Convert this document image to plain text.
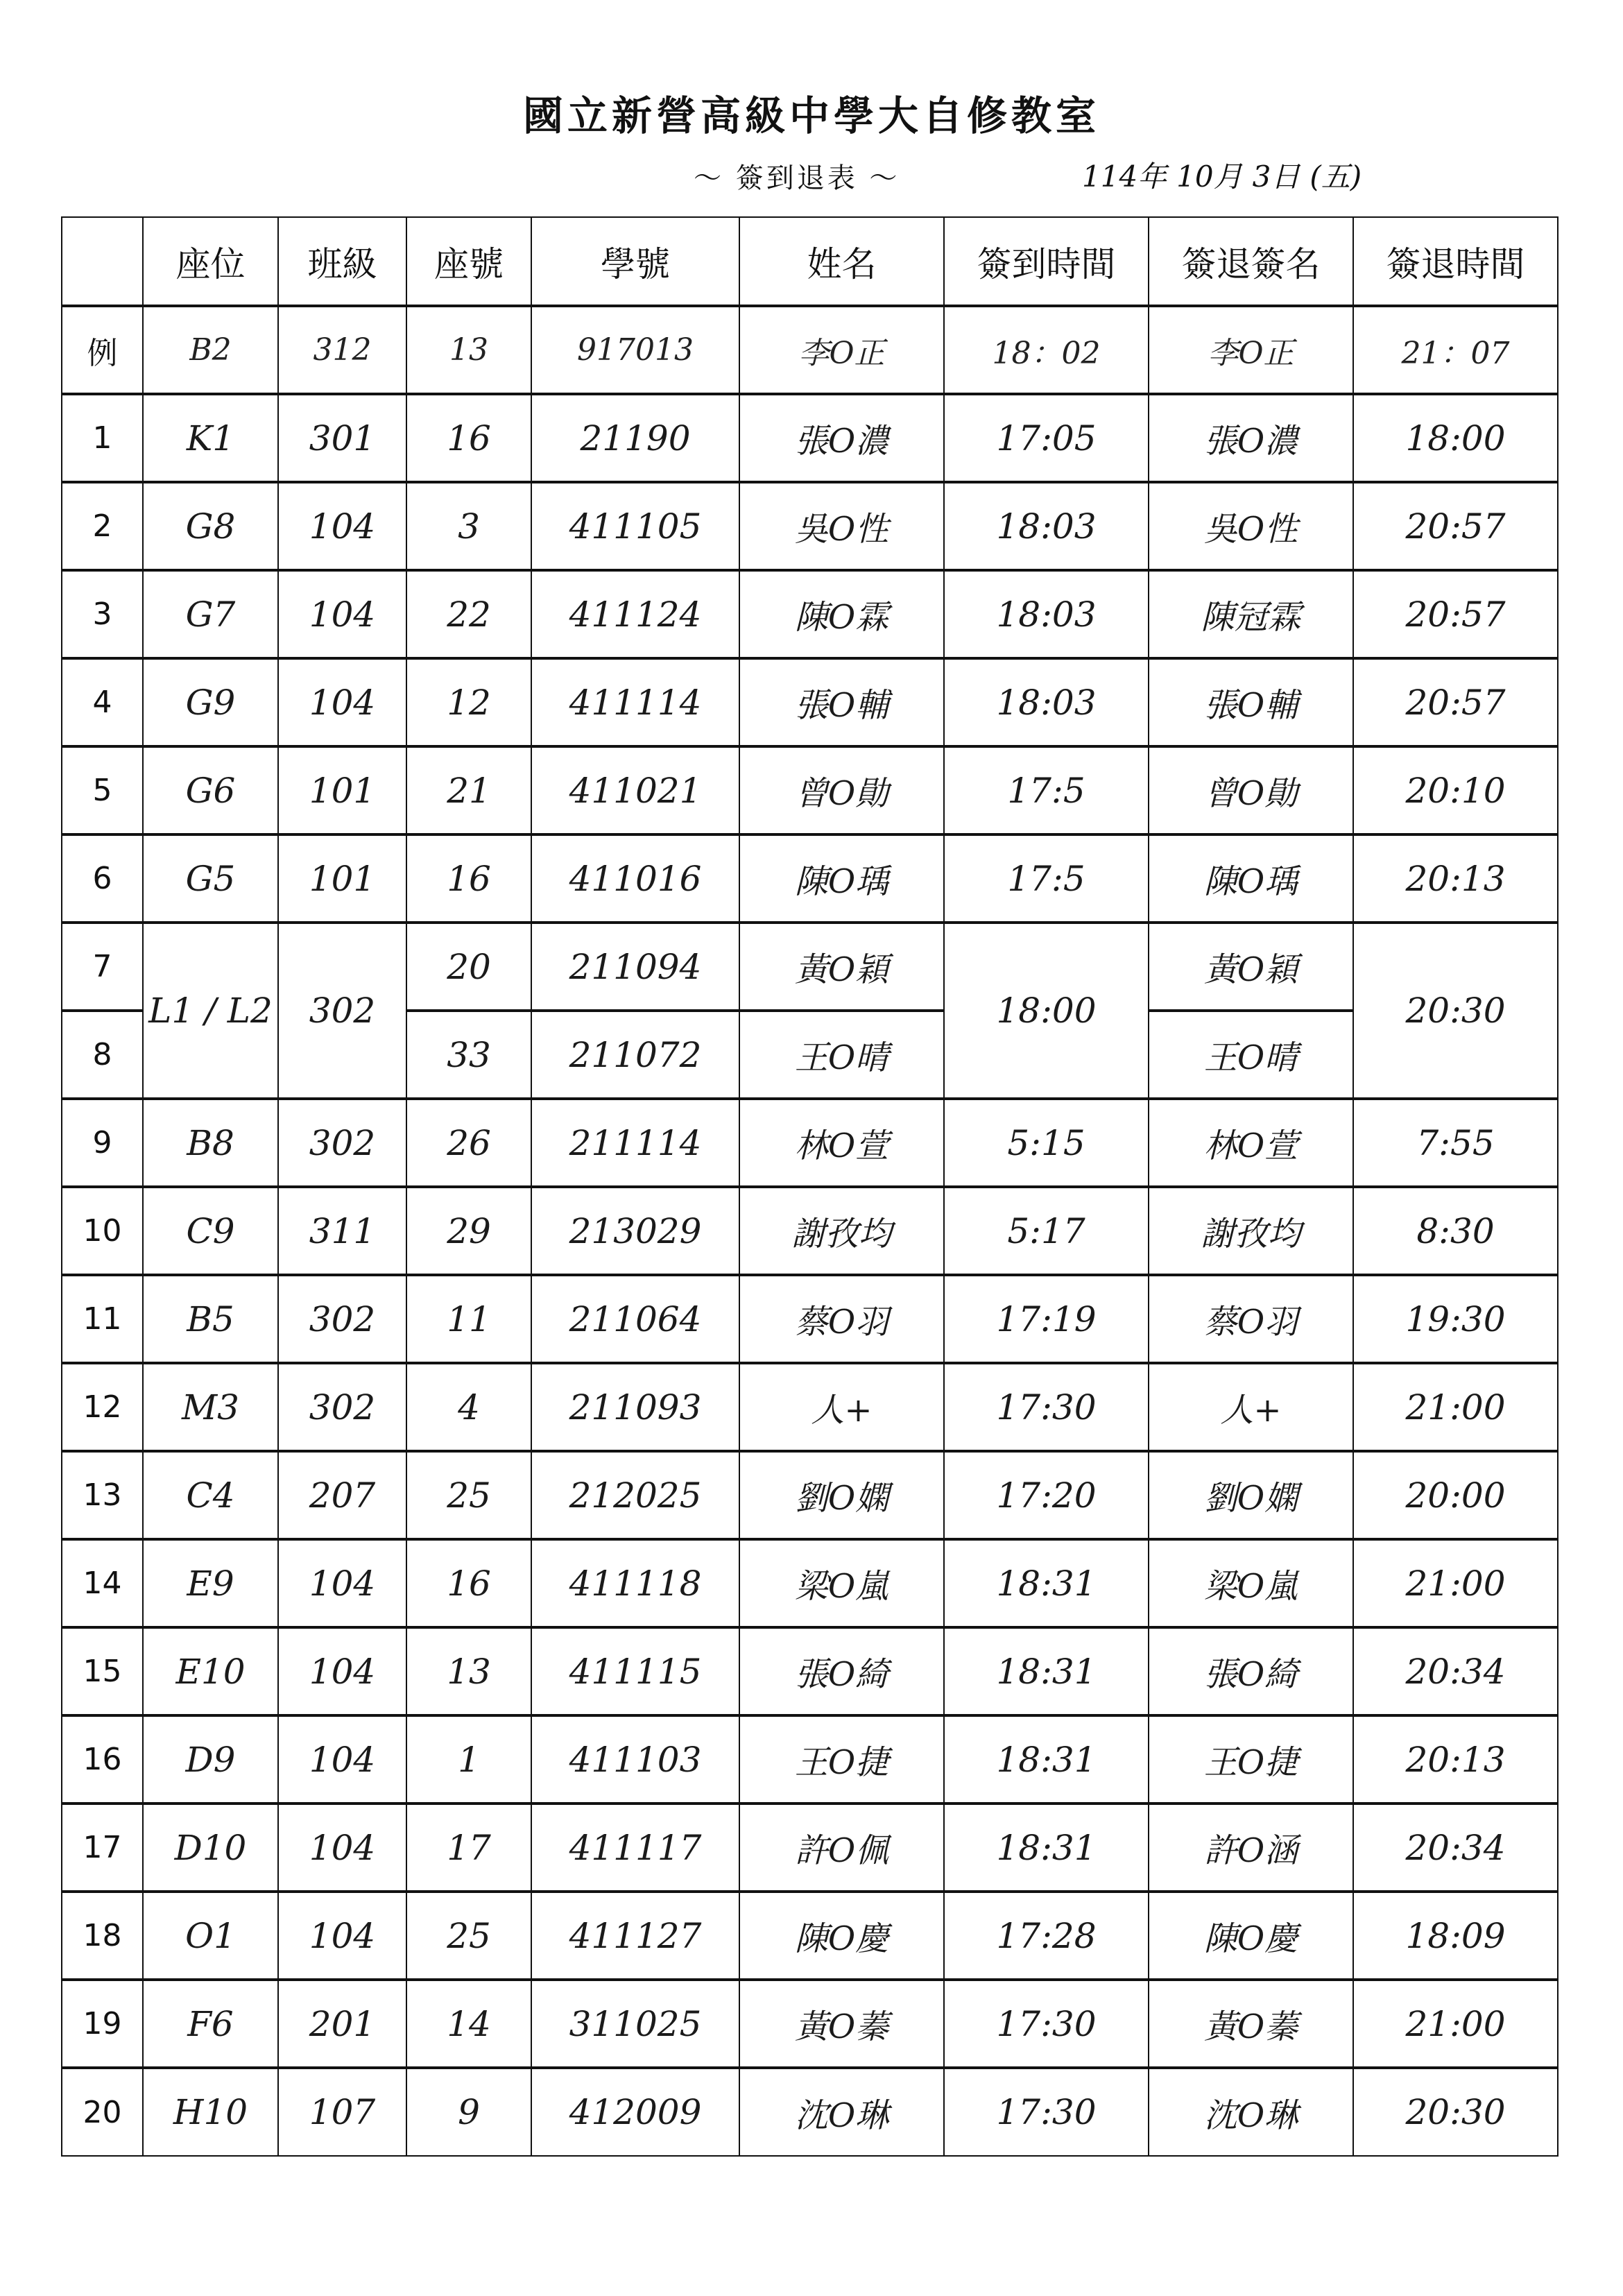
國立新營高級中學大自修教室
～ 簽到退表 ～	114年 10月 3日 (五)
	座位	班級	座號	學號	姓名	簽到時間	簽退簽名	簽退時間
例	B2	312	13	917013	李O正	18：02	李O正	21：07
1	K1	301	16	21190	張O濃	17:05	張O濃	18:00
2	G8	104	3	411105	吳O性	18:03	吳O性	20:57
3	G7	104	22	411124	陳O霖	18:03	陳冠霖	20:57
4	G9	104	12	411114	張O輔	18:03	張O輔	20:57
5	G6	101	21	411021	曾O勛	17:5	曾O勛	20:10
6	G5	101	16	411016	陳O瑀	17:5	陳O瑀	20:13
7	L1 / L2	302	20	211094	黃O穎	18:00	黃O穎	20:30
8			33	211072	王O晴		王O晴	
9	B8	302	26	211114	林O萱	5:15	林O萱	7:55
10	C9	311	29	213029	謝孜均	5:17	謝孜均	8:30
11	B5	302	11	211064	蔡O羽	17:19	蔡O羽	19:30
12	M3	302	4	211093	人+	17:30	人+	21:00
13	C4	207	25	212025	劉O嫻	17:20	劉O嫻	20:00
14	E9	104	16	411118	梁O嵐	18:31	梁O嵐	21:00
15	E10	104	13	411115	張O綺	18:31	張O綺	20:34
16	D9	104	1	411103	王O捷	18:31	王O捷	20:13
17	D10	104	17	411117	許O佩	18:31	許O涵	20:34
18	O1	104	25	411127	陳O慶	17:28	陳O慶	18:09
19	F6	201	14	311025	黃O蓁	17:30	黃O蓁	21:00
20	H10	107	9	412009	沈O琳	17:30	沈O琳	20:30
